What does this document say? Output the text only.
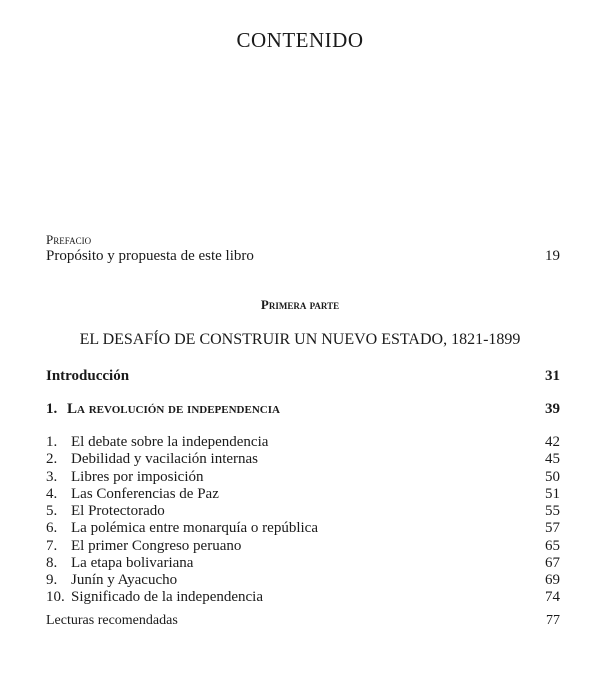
CONTENIDO
Prefacio
Propósito y propuesta de este libro	19
Primera parte
EL DESAFÍO DE CONSTRUIR UN NUEVO ESTADO, 1821-1899
Introducción	31
1. La revolución de independencia	39
1. El debate sobre la independencia	42
2. Debilidad y vacilación internas	45
3. Libres por imposición	50
4. Las Conferencias de Paz	51
5. El Protectorado	55
6. La polémica entre monarquía o república	57
7. El primer Congreso peruano	65
8. La etapa bolivariana	67
9. Junín y Ayacucho	69
10. Significado de la independencia	74
Lecturas recomendadas	77
